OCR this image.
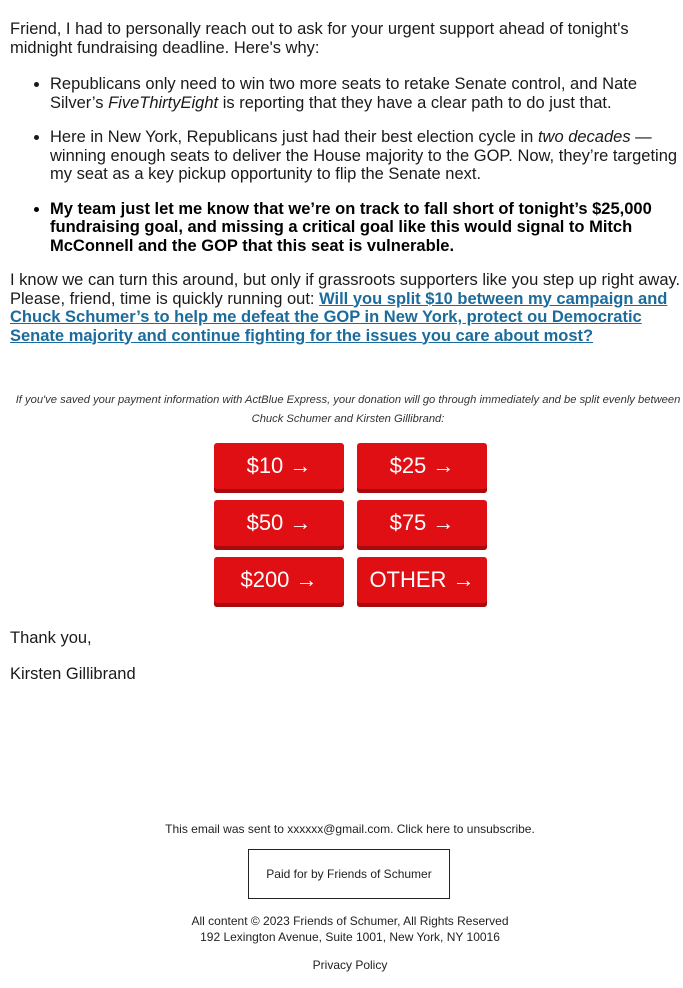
Friend, I had to personally reach out to ask for your urgent support ahead of tonight's midnight fundraising deadline. Here's why:

• Republicans only need to win two more seats to retake Senate control, and Nate Silver’s FiveThirtyEight is reporting that they have a clear path to do just that.
• Here in New York, Republicans just had their best election cycle in two decades — winning enough seats to deliver the House majority to the GOP. Now, they’re targeting my seat as a key pickup opportunity to flip the Senate next.
• My team just let me know that we’re on track to fall short of tonight’s $25,000 fundraising goal, and missing a critical goal like this would signal to Mitch McConnell and the GOP that this seat is vulnerable.

I know we can turn this around, but only if grassroots supporters like you step up right away. Please, friend, time is quickly running out: Will you split $10 between my campaign and Chuck Schumer’s to help me defeat the GOP in New York, protect ou Democratic Senate majority and continue fighting for the issues you care about most?

If you've saved your payment information with ActBlue Express, your donation will go through immediately and be split evenly between Chuck Schumer and Kirsten Gillibrand:
$10 →	$25 →
$50 →	$75 →
$200 →	OTHER →
Thank you,
Kirsten Gillibrand
This email was sent to xxxxxx@gmail.com. Click here to unsubscribe.
Paid for by Friends of Schumer
All content © 2023 Friends of Schumer, All Rights Reserved
192 Lexington Avenue, Suite 1001, New York, NY 10016
Privacy Policy
